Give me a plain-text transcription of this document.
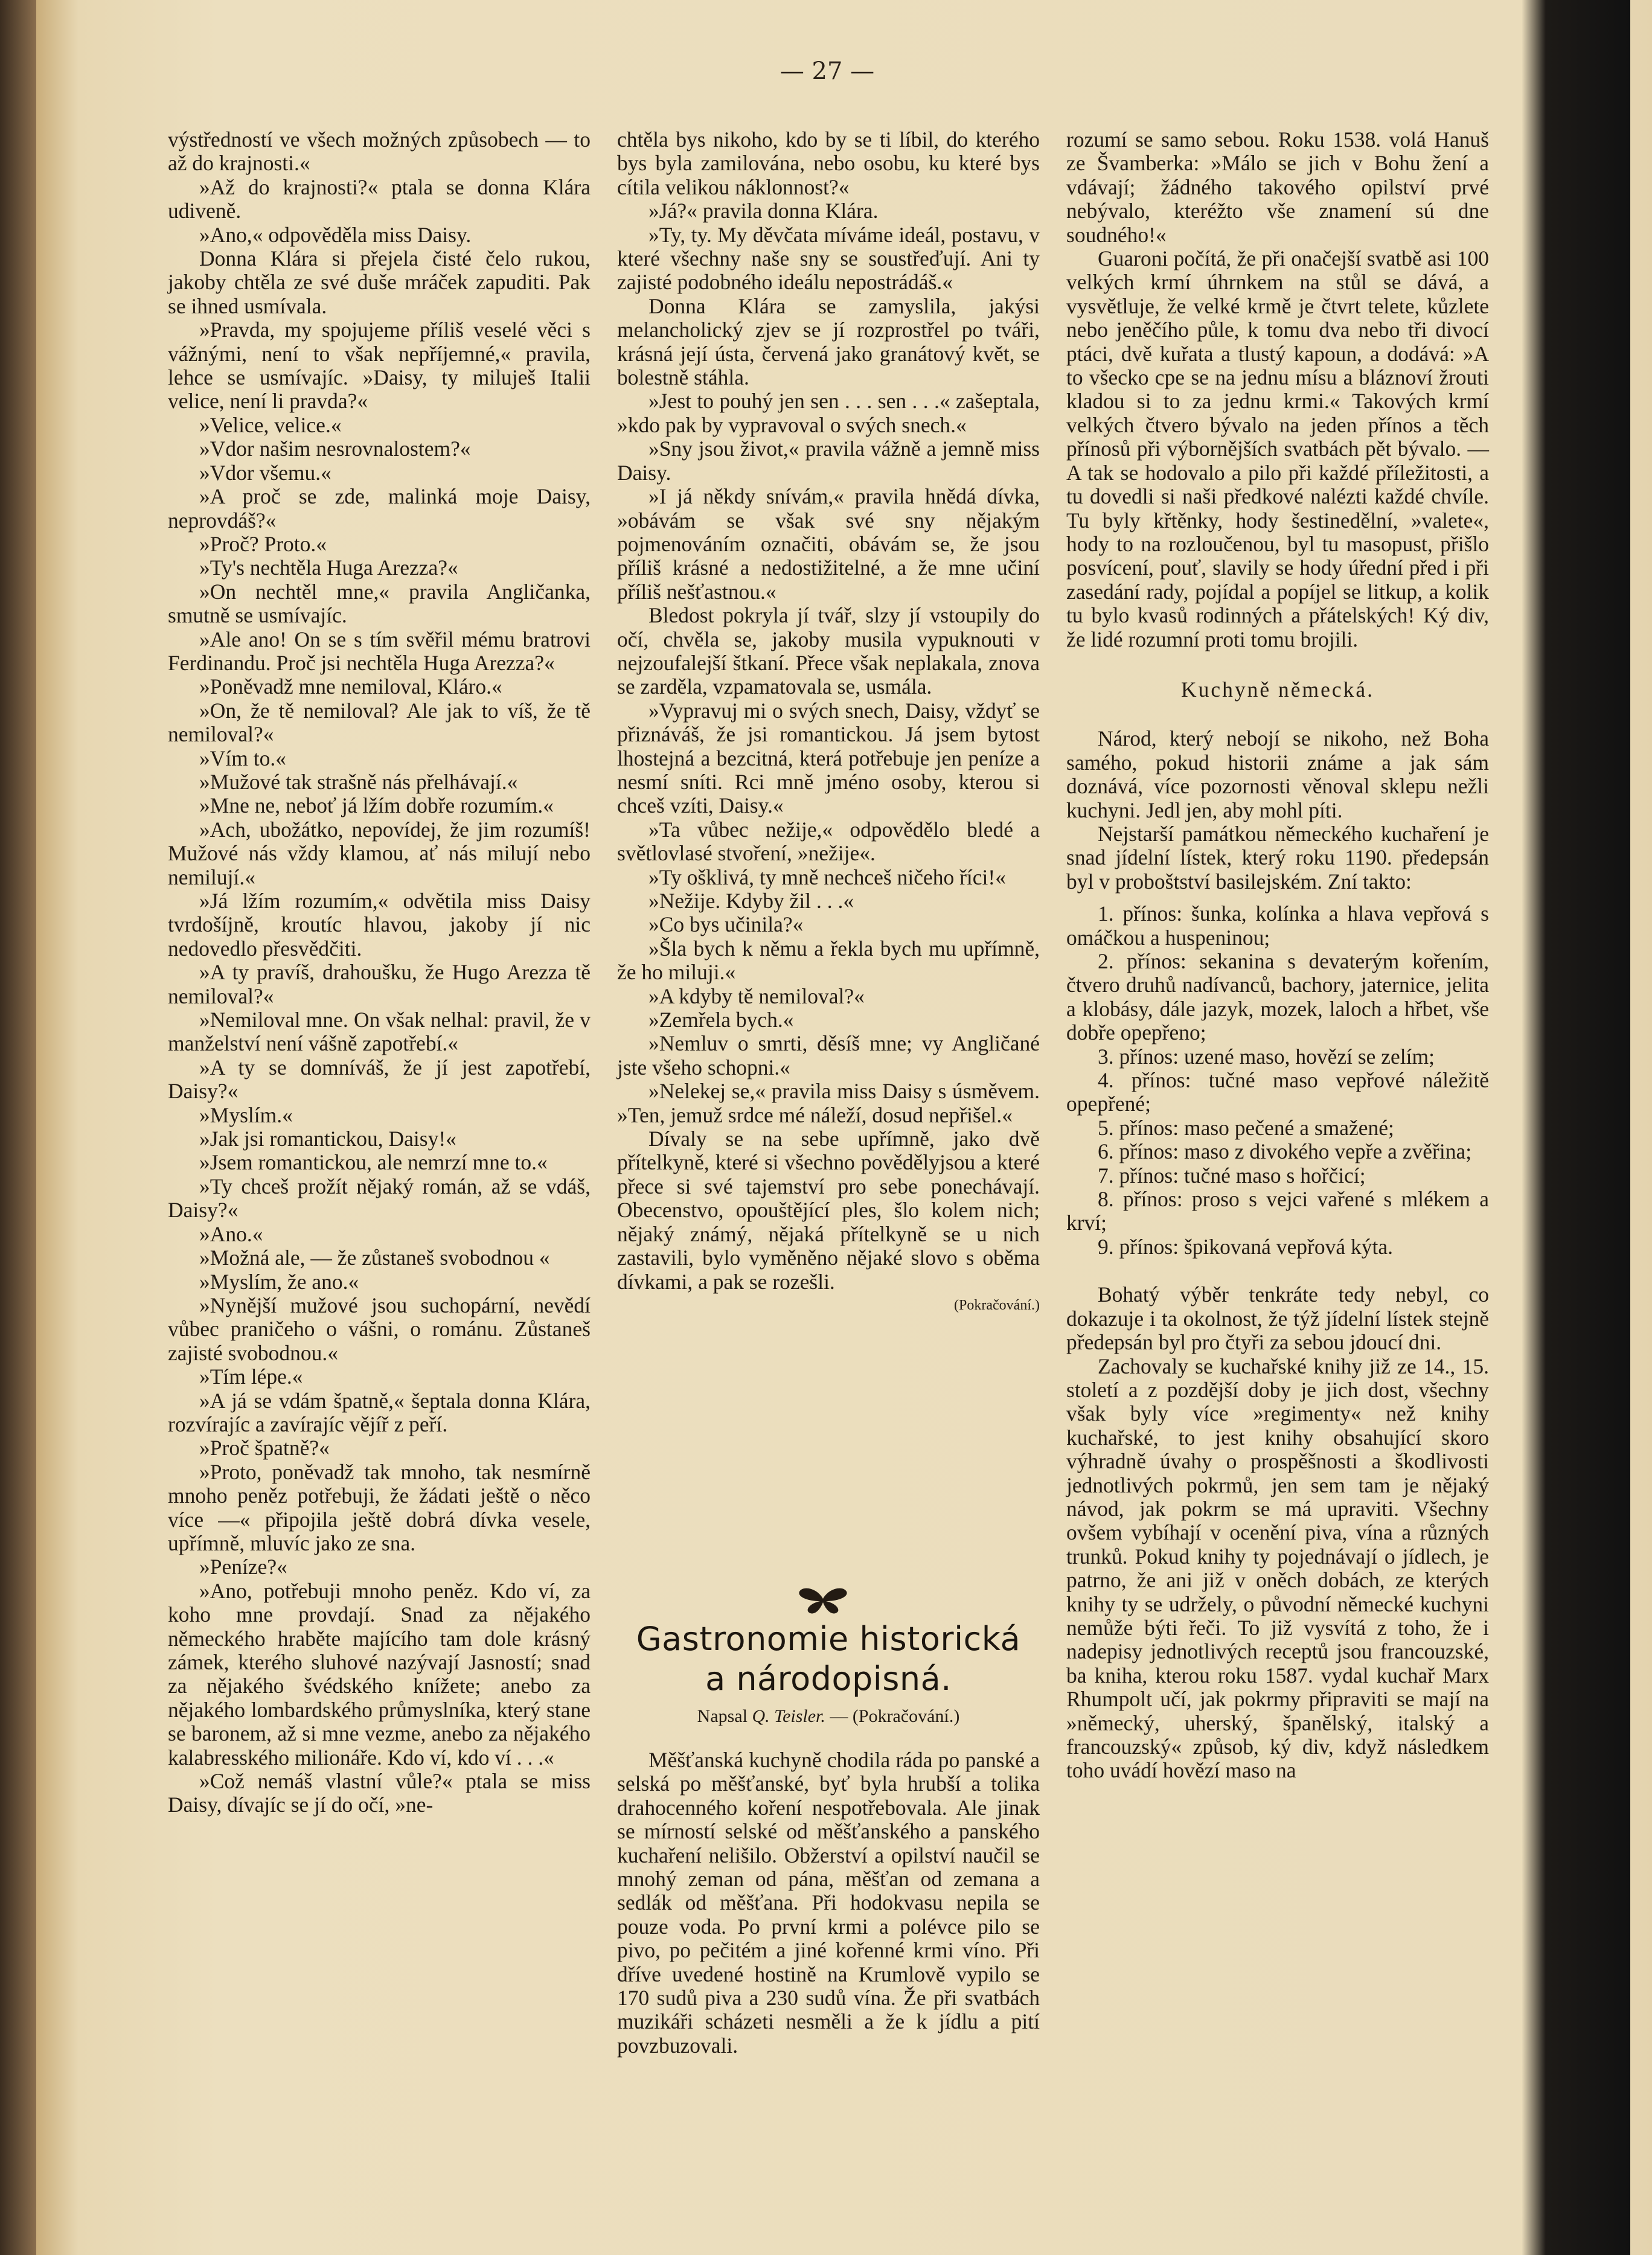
— 27 —

výstředností ve všech možných způsobech — to až do krajnosti.«

»Až do krajnosti?« ptala se donna Klára udiveně.

»Ano,« odpověděla miss Daisy.

Donna Klára si přejela čisté čelo rukou, jakoby chtěla ze své duše mráček zapuditi. Pak se ihned usmívala.

»Pravda, my spojujeme příliš veselé věci s vážnými, není to však nepříjemné,« pravila, lehce se usmívajíc. »Daisy, ty miluješ Italii velice, není li pravda?«

»Velice, velice.«

»Vdor našim nesrovnalostem?«

»Vdor všemu.«

»A proč se zde, malinká moje Daisy, neprovdáš?«

»Proč? Proto.«

»Ty's nechtěla Huga Arezza?«

»On nechtěl mne,« pravila Angličanka, smutně se usmívajíc.

»Ale ano! On se s tím svěřil mému bratrovi Ferdinandu. Proč jsi nechtěla Huga Arezza?«

»Poněvadž mne nemiloval, Kláro.«

»On, že tě nemiloval? Ale jak to víš, že tě nemiloval?«

»Vím to.«

»Mužové tak strašně nás přelhávají.«

»Mne ne, neboť já lžím dobře rozumím.«

»Ach, ubožátko, nepovídej, že jim rozumíš! Mužové nás vždy klamou, ať nás milují nebo nemilují.«

»Já lžím rozumím,« odvětila miss Daisy tvrdošíjně, kroutíc hlavou, jakoby jí nic nedovedlo přesvědčiti.

»A ty pravíš, drahoušku, že Hugo Arezza tě nemiloval?«

»Nemiloval mne. On však nelhal: pravil, že v manželství není vášně zapotřebí.«

»A ty se domníváš, že jí jest zapotřebí, Daisy?«

»Myslím.«

»Jak jsi romantickou, Daisy!«

»Jsem romantickou, ale nemrzí mne to.«

»Ty chceš prožít nějaký román, až se vdáš, Daisy?«

»Ano.«

»Možná ale, — že zůstaneš svobodnou «

»Myslím, že ano.«

»Nynější mužové jsou suchopární, nevědí vůbec praničeho o vášni, o románu. Zůstaneš zajisté svobodnou.«

»Tím lépe.«

»A já se vdám špatně,« šeptala donna Klára, rozvírajíc a zavírajíc vějíř z peří.

»Proč špatně?«

»Proto, poněvadž tak mnoho, tak nesmírně mnoho peněz potřebuji, že žádati ještě o něco více —« připojila ještě dobrá dívka vesele, upřímně, mluvíc jako ze sna.

»Peníze?«

»Ano, potřebuji mnoho peněz. Kdo ví, za koho mne provdají. Snad za nějakého německého hraběte majícího tam dole krásný zámek, kterého sluhové nazývají Jasností; snad za nějakého švédského knížete; anebo za nějakého lombardského průmyslníka, který stane se baronem, až si mne vezme, anebo za nějakého kalabresského milionáře. Kdo ví, kdo ví . . .«

»Což nemáš vlastní vůle?« ptala se miss Daisy, dívajíc se jí do očí, »ne-

chtěla bys nikoho, kdo by se ti líbil, do kterého bys byla zamilována, nebo osobu, ku které bys cítila velikou náklonnost?«

»Já?« pravila donna Klára.

»Ty, ty. My děvčata míváme ideál, postavu, v které všechny naše sny se soustřeďují. Ani ty zajisté podobného ideálu nepostrádáš.«

Donna Klára se zamyslila, jakýsi melancholický zjev se jí rozprostřel po tváři, krásná její ústa, červená jako granátový květ, se bolestně stáhla.

»Jest to pouhý jen sen . . . sen . . .« zašeptala, »kdo pak by vypravoval o svých snech.«

»Sny jsou život,« pravila vážně a jemně miss Daisy.

»I já někdy snívám,« pravila hnědá dívka, »obávám se však své sny nějakým pojmenováním označiti, obávám se, že jsou příliš krásné a nedostižitelné, a že mne učiní příliš nešťastnou.«

Bledost pokryla jí tvář, slzy jí vstoupily do očí, chvěla se, jakoby musila vypuknouti v nejzoufalejší štkaní. Přece však neplakala, znova se zarděla, vzpamatovala se, usmála.

»Vypravuj mi o svých snech, Daisy, vždyť se přiznáváš, že jsi romantickou. Já jsem bytost lhostejná a bezcitná, která potřebuje jen peníze a nesmí sníti. Rci mně jméno osoby, kterou si chceš vzíti, Daisy.«

»Ta vůbec nežije,« odpovědělo bledé a světlovlasé stvoření, »nežije«.

»Ty ošklivá, ty mně nechceš ničeho říci!«

»Nežije. Kdyby žil . . .«

»Co bys učinila?«

»Šla bych k němu a řekla bych mu upřímně, že ho miluji.«

»A kdyby tě nemiloval?«

»Zemřela bych.«

»Nemluv o smrti, děsíš mne; vy Angličané jste všeho schopni.«

»Nelekej se,« pravila miss Daisy s úsměvem. »Ten, jemuž srdce mé náleží, dosud nepřišel.«

Dívaly se na sebe upřímně, jako dvě přítelkyně, které si všechno povědělyjsou a které přece si své tajemství pro sebe ponechávají. Obecenstvo, opouštějící ples, šlo kolem nich; nějaký známý, nějaká přítelkyně se u nich zastavili, bylo vyměněno nějaké slovo s oběma dívkami, a pak se rozešli.

(Pokračování.)

Gastronomie historická
a národopisná.
Napsal Q. Teisler. — (Pokračování.)

Měšťanská kuchyně chodila ráda po panské a selská po měšťanské, byť byla hrubší a tolika drahocenného koření nespotřebovala. Ale jinak se mírností selské od měšťanského a panského kuchaření nelišilo. Obžerství a opilství naučil se mnohý zeman od pána, měšťan od zemana a sedlák od měšťana. Při hodokvasu nepila se pouze voda. Po první krmi a polévce pilo se pivo, po pečitém a jiné kořenné krmi víno. Při dříve uvedené hostině na Krumlově vypilo se 170 sudů piva a 230 sudů vína. Že při svatbách muzikáři scházeti nesměli a že k jídlu a pití povzbuzovali.

rozumí se samo sebou. Roku 1538. volá Hanuš ze Švamberka: »Málo se jich v Bohu žení a vdávají; žádného takového opilství prvé nebývalo, kteréžto vše znamení sú dne soudného!«

Guaroni počítá, že při onačejší svatbě asi 100 velkých krmí úhrnkem na stůl se dává, a vysvětluje, že velké krmě je čtvrt telete, kůzlete nebo jeněčího půle, k tomu dva nebo tři divocí ptáci, dvě kuřata a tlustý kapoun, a dodává: »A to všecko cpe se na jednu mísu a bláznoví žrouti kladou si to za jednu krmi.« Takových krmí velkých čtvero bývalo na jeden přínos a těch přínosů při výbornějších svatbách pět bývalo. — A tak se hodovalo a pilo při každé příležitosti, a tu dovedli si naši předkové nalézti každé chvíle. Tu byly křtěnky, hody šestinedělní, »valete«, hody to na rozloučenou, byl tu masopust, přišlo posvícení, pouť, slavily se hody úřední před i při zasedání rady, pojídal a popíjel se litkup, a kolik tu bylo kvasů rodinných a přátelských! Ký div, že lidé rozumní proti tomu brojili.

Kuchyně německá.

Národ, který nebojí se nikoho, než Boha samého, pokud historii známe a jak sám doznává, více pozornosti věnoval sklepu nežli kuchyni. Jedl jen, aby mohl píti.

Nejstarší památkou německého kuchaření je snad jídelní lístek, který roku 1190. předepsán byl v proboštství basilejském. Zní takto:

1. přínos: šunka, kolínka a hlava vepřová s omáčkou a huspeninou;

2. přínos: sekanina s devaterým kořením, čtvero druhů nadívanců, bachory, jaternice, jelita a klobásy, dále jazyk, mozek, laloch a hřbet, vše dobře opepřeno;

3. přínos: uzené maso, hovězí se zelím;

4. přínos: tučné maso vepřové náležitě opepřené;

5. přínos: maso pečené a smažené;

6. přínos: maso z divokého vepře a zvěřina;

7. přínos: tučné maso s hořčicí;

8. přínos: proso s vejci vařené s mlékem a krví;

9. přínos: špikovaná vepřová kýta.

Bohatý výběr tenkráte tedy nebyl, co dokazuje i ta okolnost, že týž jídelní lístek stejně předepsán byl pro čtyři za sebou jdoucí dni.

Zachovaly se kuchařské knihy již ze 14., 15. století a z pozdější doby je jich dost, všechny však byly více »regimenty« než knihy kuchařské, to jest knihy obsahující skoro výhradně úvahy o prospěšnosti a škodlivosti jednotlivých pokrmů, jen sem tam je nějaký návod, jak pokrm se má upraviti. Všechny ovšem vybíhají v ocenění piva, vína a různých trunků. Pokud knihy ty pojednávají o jídlech, je patrno, že ani již v oněch dobách, ze kterých knihy ty se udržely, o původní německé kuchyni nemůže býti řeči. To již vysvítá z toho, že i nadepisy jednotlivých receptů jsou francouzské, ba kniha, kterou roku 1587. vydal kuchař Marx Rhumpolt učí, jak pokrmy připraviti se mají na »německý, uherský, španělský, italský a francouzský« způsob, ký div, když následkem toho uvádí hovězí maso na
